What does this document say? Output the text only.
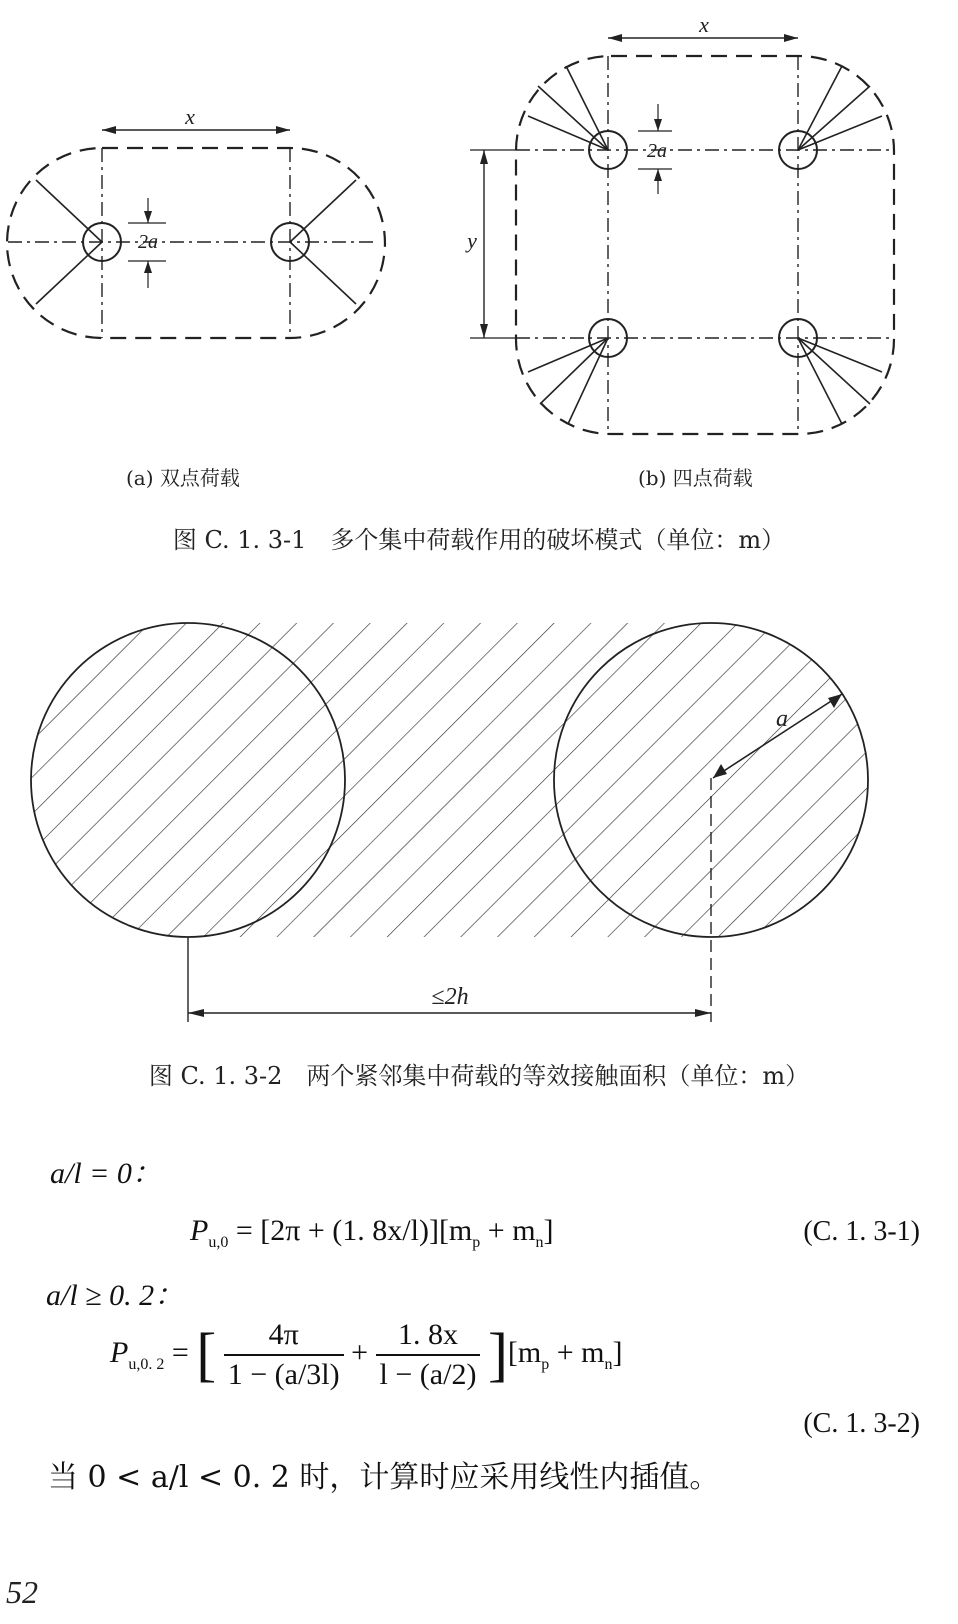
x
2a
x
y
2a
a
≤2h
(a) 双点荷载	(b) 四点荷载
图 C. 1. 3-1　多个集中荷载作用的破坏模式（单位：m）
图 C. 1. 3-2　两个紧邻集中荷载的等效接触面积（单位：m）
a/l = 0：
$P_{u,0} = [2\pi + (1$. $8x/l)][m_p + m_n]$	(C. 1. 3-1)
a/l ≥ 0. 2：
$P_{u,0. 2}$ = [ $\frac{4\pi}{1 - (a/3l)} + \frac{1. 8x}{l - (a/2)} ][m_p + m_n]$
(C. 1. 3-2)
当 0 < a/l < 0. 2 时，计算时应采用线性内插值。
52
